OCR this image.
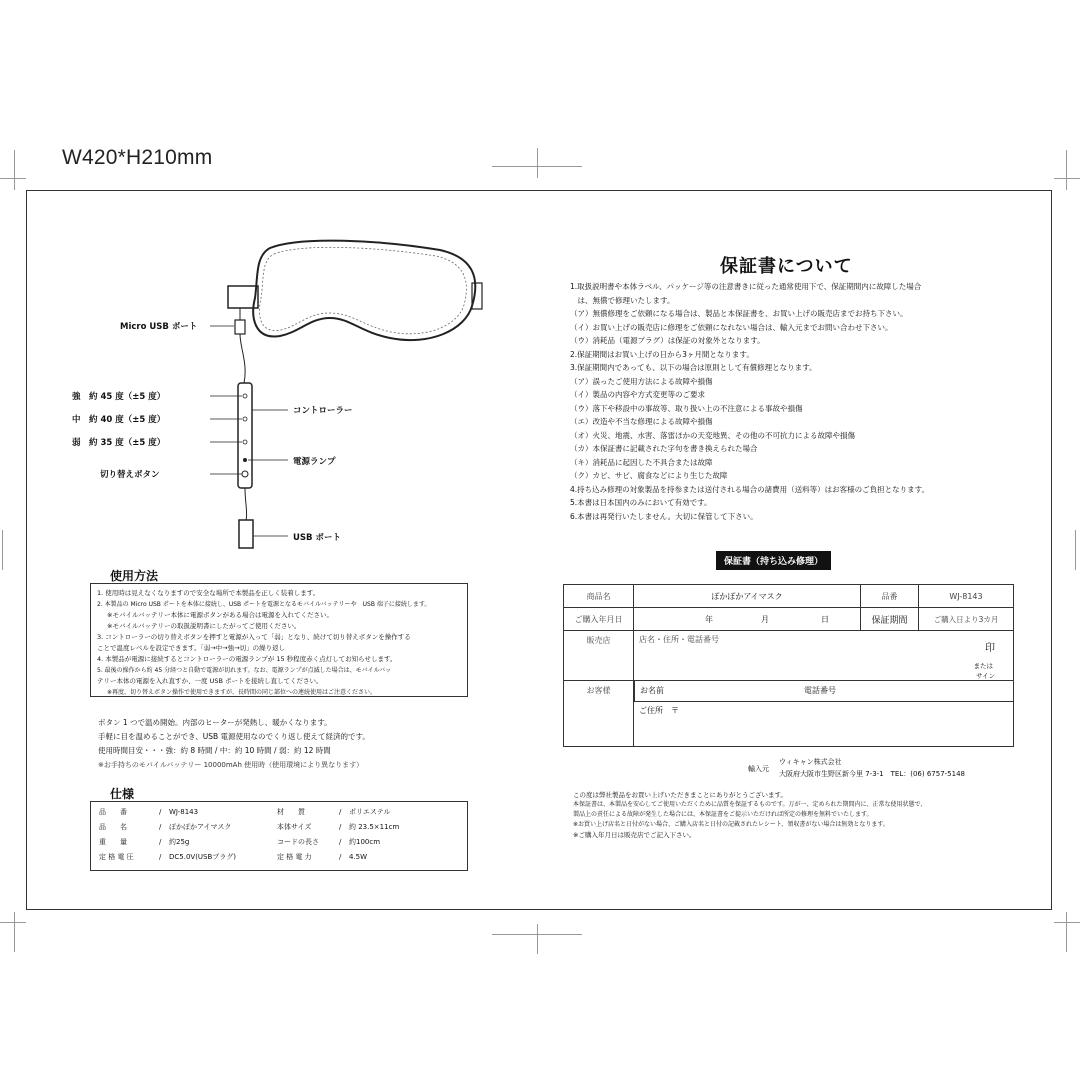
W420*H210mm
Micro USB ポート
強　約 45 度（±5 度）
中　約 40 度（±5 度）
弱　約 35 度（±5 度）
切り替えボタン
コントローラー
電源ランプ
USB ポート
使用方法
1. 使用時は見えなくなりますので安全な場所で本製品を正しく装着します。
2. 本製品の Micro USB ポートを本体に接続し、USB ポートを電源となるモバイルバッテリーや　USB 端子に接続します。
※モバイルバッテリー本体に電源ボタンがある場合は電源を入れてください。
※モバイルバッテリーの取扱説明書にしたがってご使用ください。
3. コントローラーの切り替えボタンを押すと電源が入って「弱」となり、続けて切り替えボタンを操作する
ことで温度レベルを設定できます。「弱→中→強→切」の繰り返し
4. 本製品が電源に接続するとコントローラーの電源ランプが 15 秒程度赤く点灯してお知らせします。
5. 最後の操作から約 45 分経つと自動で電源が切れます。なお、電源ランプが点滅した場合は、モバイルバッ
テリー本体の電源を入れ直すか、一度 USB ポートを接続し直してください。
※再度、切り替えボタン操作で使用できますが、長時間の同じ部位への連続使用はご注意ください。
ボタン 1 つで温め開始。内部のヒーターが発熱し、暖かくなります。
手軽に目を温めることができ、USB 電源使用なのでくり返し使えて経済的です。
使用時間目安・・・強：約 8 時間 / 中：約 10 時間 / 弱：約 12 時間
※お手持ちのモバイルバッテリー 10000mAh 使用時（使用環境により異なります）
仕様
品　　番	/	WJ-8143	材　　質	/	ポリエステル
品　　名	/	ぽかぽかアイマスク	本体サイズ	/	約 23.5×11cm
重　　量	/	約25g	コードの長さ	/	約100cm
定 格 電 圧	/	DC5.0V(USBプラグ)	定 格 電 力	/	4.5W
保証書について
1.取扱説明書や本体ラベル、パッケージ等の注意書きに従った通常使用下で、保証期間内に故障した場合
　は、無償で修理いたします。
（ア）無償修理をご依頼になる場合は、製品と本保証書を、お買い上げの販売店までお持ち下さい。
（イ）お買い上げの販売店に修理をご依頼になれない場合は、輸入元までお問い合わせ下さい。
（ウ）消耗品（電源プラグ）は保証の対象外となります。
2.保証期間はお買い上げの日から3ヶ月間となります。
3.保証期間内であっても、以下の場合は原則として有償修理となります。
（ア）誤ったご使用方法による故障や損傷
（イ）製品の内容や方式変更等のご要求
（ウ）落下や移設中の事故等、取り扱い上の不注意による事故や損傷
（エ）改造や不当な修理による故障や損傷
（オ）火災、地震、水害、落雷ほかの天変地異、その他の不可抗力による故障や損傷
（カ）本保証書に記載された字句を書き換えられた場合
（キ）消耗品に起因した不具合または故障
（ク）カビ、サビ、腐食などにより生じた故障
4.持ち込み修理の対象製品を持参または送付される場合の諸費用（送料等）はお客様のご負担となります。
5.本書は日本国内のみにおいて有効です。
6.本書は再発行いたしません。大切に保管して下さい。
保証書（持ち込み修理）
商品名	ぽかぽかアイマスク	品番	WJ-8143
ご購入年月日	年 月 日	保証期間	ご購入日より3カ月
販売店	店名・住所・電話番号
印
または
サイン		

お客様	お名前 電話番号
ご住所　〒		
輸入元
ウィキャン株式会社
大阪府大阪市生野区新今里 7-3-1　TEL：(06) 6757-5148
この度は弊社製品をお買い上げいただきまことにありがとうございます。
本保証書は、本製品を安心してご使用いただくために品質を保証するものです。万が一、定められた期間内に、正常な使用状態で、
製品上の責任による故障が発生した場合には、本保証書をご提示いただければ所定の修理を無料でいたします。
※お買い上げ店名と日付がない場合、ご購入店名と日付の記載されたレシート、領収書がない場合は無効となります。
※ご購入年月日は販売店でご記入下さい。
